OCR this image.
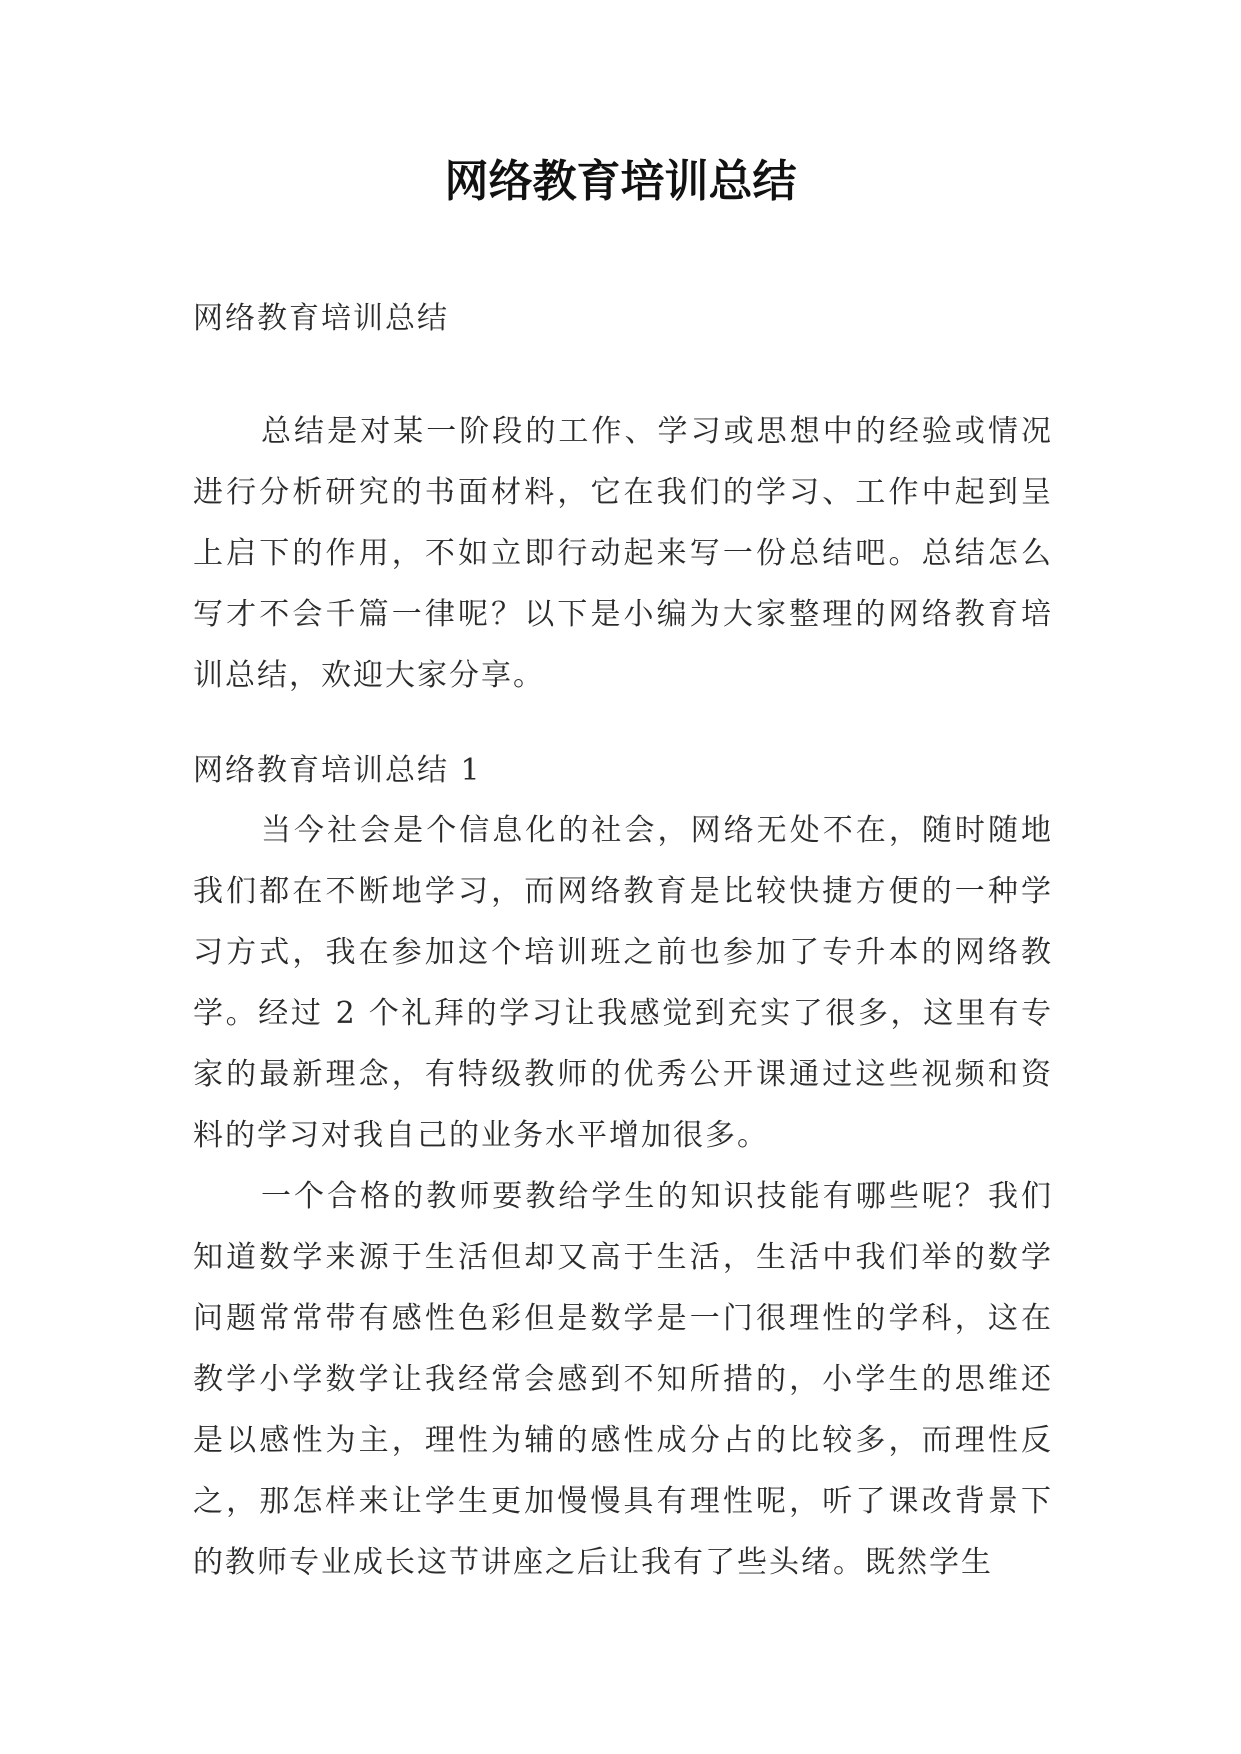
网络教育培训总结

网络教育培训总结

总结是对某一阶段的工作、学习或思想中的经验或情况进行分析研究的书面材料，它在我们的学习、工作中起到呈上启下的作用，不如立即行动起来写一份总结吧。总结怎么写才不会千篇一律呢？以下是小编为大家整理的网络教育培训总结，欢迎大家分享。

网络教育培训总结 1

当今社会是个信息化的社会，网络无处不在，随时随地我们都在不断地学习，而网络教育是比较快捷方便的一种学习方式，我在参加这个培训班之前也参加了专升本的网络教学。经过 2 个礼拜的学习让我感觉到充实了很多，这里有专家的最新理念，有特级教师的优秀公开课通过这些视频和资料的学习对我自己的业务水平增加很多。

一个合格的教师要教给学生的知识技能有哪些呢？我们知道数学来源于生活但却又高于生活，生活中我们举的数学问题常常带有感性色彩但是数学是一门很理性的学科，这在教学小学数学让我经常会感到不知所措的，小学生的思维还是以感性为主，理性为辅的感性成分占的比较多，而理性反之，那怎样来让学生更加慢慢具有理性呢，听了课改背景下的教师专业成长这节讲座之后让我有了些头绪。既然学生
